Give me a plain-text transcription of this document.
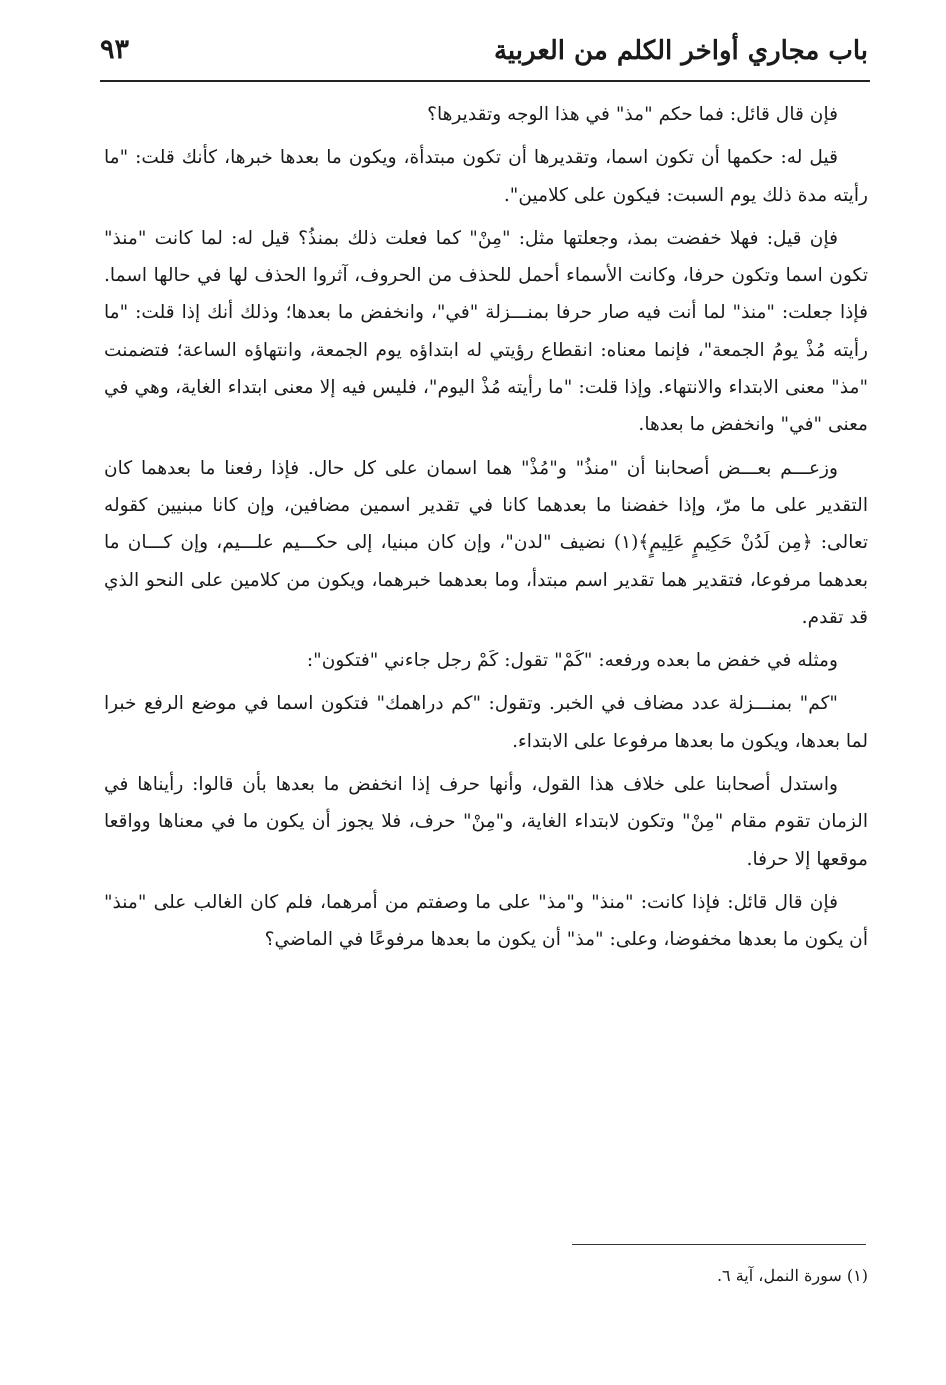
باب مجاري أواخر الكلم من العربية
٩٣

فإن قال قائل: فما حكم "مذ" في هذا الوجه وتقديرها؟

قيل له: حكمها أن تكون اسما، وتقديرها أن تكون مبتدأة، ويكون ما بعدها خبرها، كأنك قلت: "ما رأيته مدة ذلك يوم السبت: فيكون على كلامين".

فإن قيل: فهلا خفضت بمذ، وجعلتها مثل: "مِنْ" كما فعلت ذلك بمنذُ؟ قيل له: لما كانت "منذ" تكون اسما وتكون حرفا، وكانت الأسماء أحمل للحذف من الحروف، آثروا الحذف لها في حالها اسما. فإذا جعلت: "منذ" لما أنت فيه صار حرفا بمنـــزلة "في"، وانخفض ما بعدها؛ وذلك أنك إذا قلت: "ما رأيته مُذْ يومُ الجمعة"، فإنما معناه: انقطاع رؤيتي له ابتداؤه يوم الجمعة، وانتهاؤه الساعة؛ فتضمنت "مذ" معنى الابتداء والانتهاء. وإذا قلت: "ما رأيته مُذْ اليوم"، فليس فيه إلا معنى ابتداء الغاية، وهي في معنى "في" وانخفض ما بعدها.

وزعـــم بعـــض أصحابنا أن "منذُ" و"مُذْ" هما اسمان على كل حال. فإذا رفعنا ما بعدهما كان التقدير على ما مرّ، وإذا خفضنا ما بعدهما كانا في تقدير اسمين مضافين، وإن كانا مبنيين كقوله تعالى: ﴿مِن لَدُنْ حَكِيمٍ عَلِيمٍ﴾(١) نضيف "لدن"، وإن كان مبنيا، إلى حكـــيم علـــيم، وإن كـــان ما بعدهما مرفوعا، فتقدير هما تقدير اسم مبتدأ، وما بعدهما خبرهما، ويكون من كلامين على النحو الذي قد تقدم.

ومثله في خفض ما بعده ورفعه: "كَمْ" تقول: كَمْ رجل جاءني "فتكون":

"كم" بمنـــزلة عدد مضاف في الخبر. وتقول: "كم دراهمك" فتكون اسما في موضع الرفع خبرا لما بعدها، ويكون ما بعدها مرفوعا على الابتداء.

واستدل أصحابنا على خلاف هذا القول، وأنها حرف إذا انخفض ما بعدها بأن قالوا: رأيناها في الزمان تقوم مقام "مِنْ" وتكون لابتداء الغاية، و"مِنْ" حرف، فلا يجوز أن يكون ما في معناها وواقعا موقعها إلا حرفا.

فإن قال قائل: فإذا كانت: "منذ" و"مذ" على ما وصفتم من أمرهما، فلم كان الغالب على "منذ" أن يكون ما بعدها مخفوضا، وعلى: "مذ" أن يكون ما بعدها مرفوعًا في الماضي؟

(١) سورة النمل، آية ٦.
